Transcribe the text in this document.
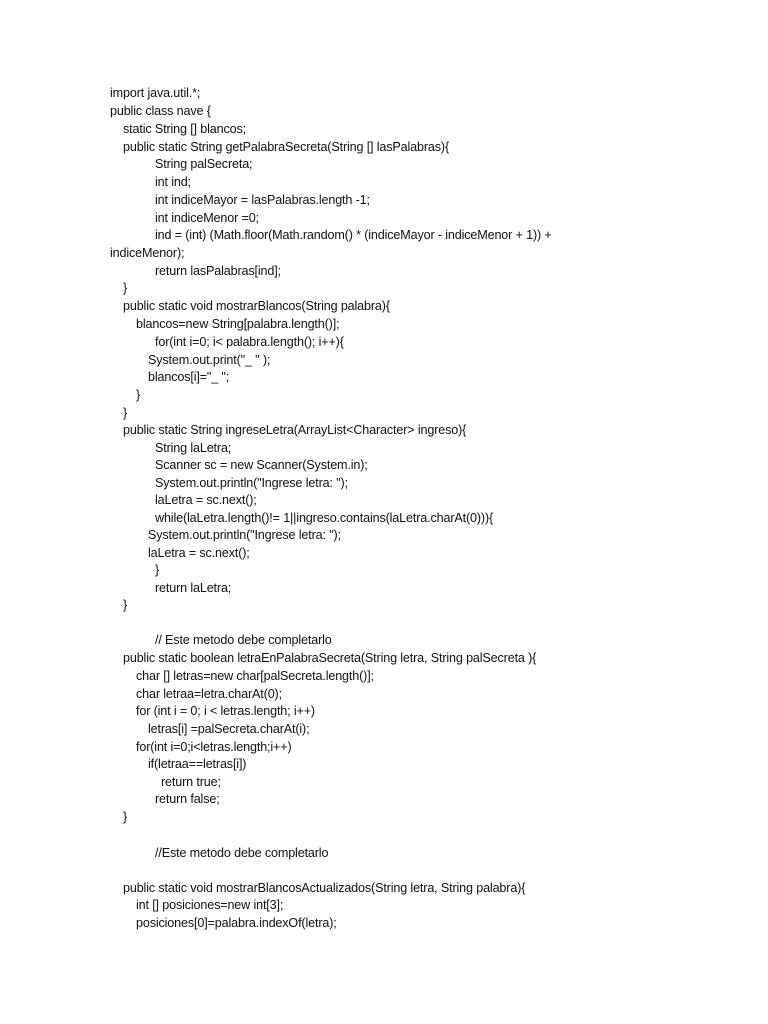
import java.util.*;
public class nave {
static String [] blancos;
public static String getPalabraSecreta(String [] lasPalabras){
String palSecreta;
int ind;
int indiceMayor = lasPalabras.length -1;
int indiceMenor =0;
ind = (int) (Math.floor(Math.random() * (indiceMayor - indiceMenor + 1)) +
indiceMenor);
return lasPalabras[ind];
}
public static void mostrarBlancos(String palabra){
blancos=new String[palabra.length()];
for(int i=0; i< palabra.length(); i++){
System.out.print("_ " );
blancos[i]="_ ";
}
}
public static String ingreseLetra(ArrayList<Character> ingreso){
String laLetra;
Scanner sc = new Scanner(System.in);
System.out.println("Ingrese letra: ");
laLetra = sc.next();
while(laLetra.length()!= 1||ingreso.contains(laLetra.charAt(0))){
System.out.println("Ingrese letra: ");
laLetra = sc.next();
}
return laLetra;
}
// Este metodo debe completarlo
public static boolean letraEnPalabraSecreta(String letra, String palSecreta ){
char [] letras=new char[palSecreta.length()];
char letraa=letra.charAt(0);
for (int i = 0; i < letras.length; i++)
letras[i] =palSecreta.charAt(i);
for(int i=0;i<letras.length;i++)
if(letraa==letras[i])
return true;
return false;
}
//Este metodo debe completarlo
public static void mostrarBlancosActualizados(String letra, String palabra){
int [] posiciones=new int[3];
posiciones[0]=palabra.indexOf(letra);
